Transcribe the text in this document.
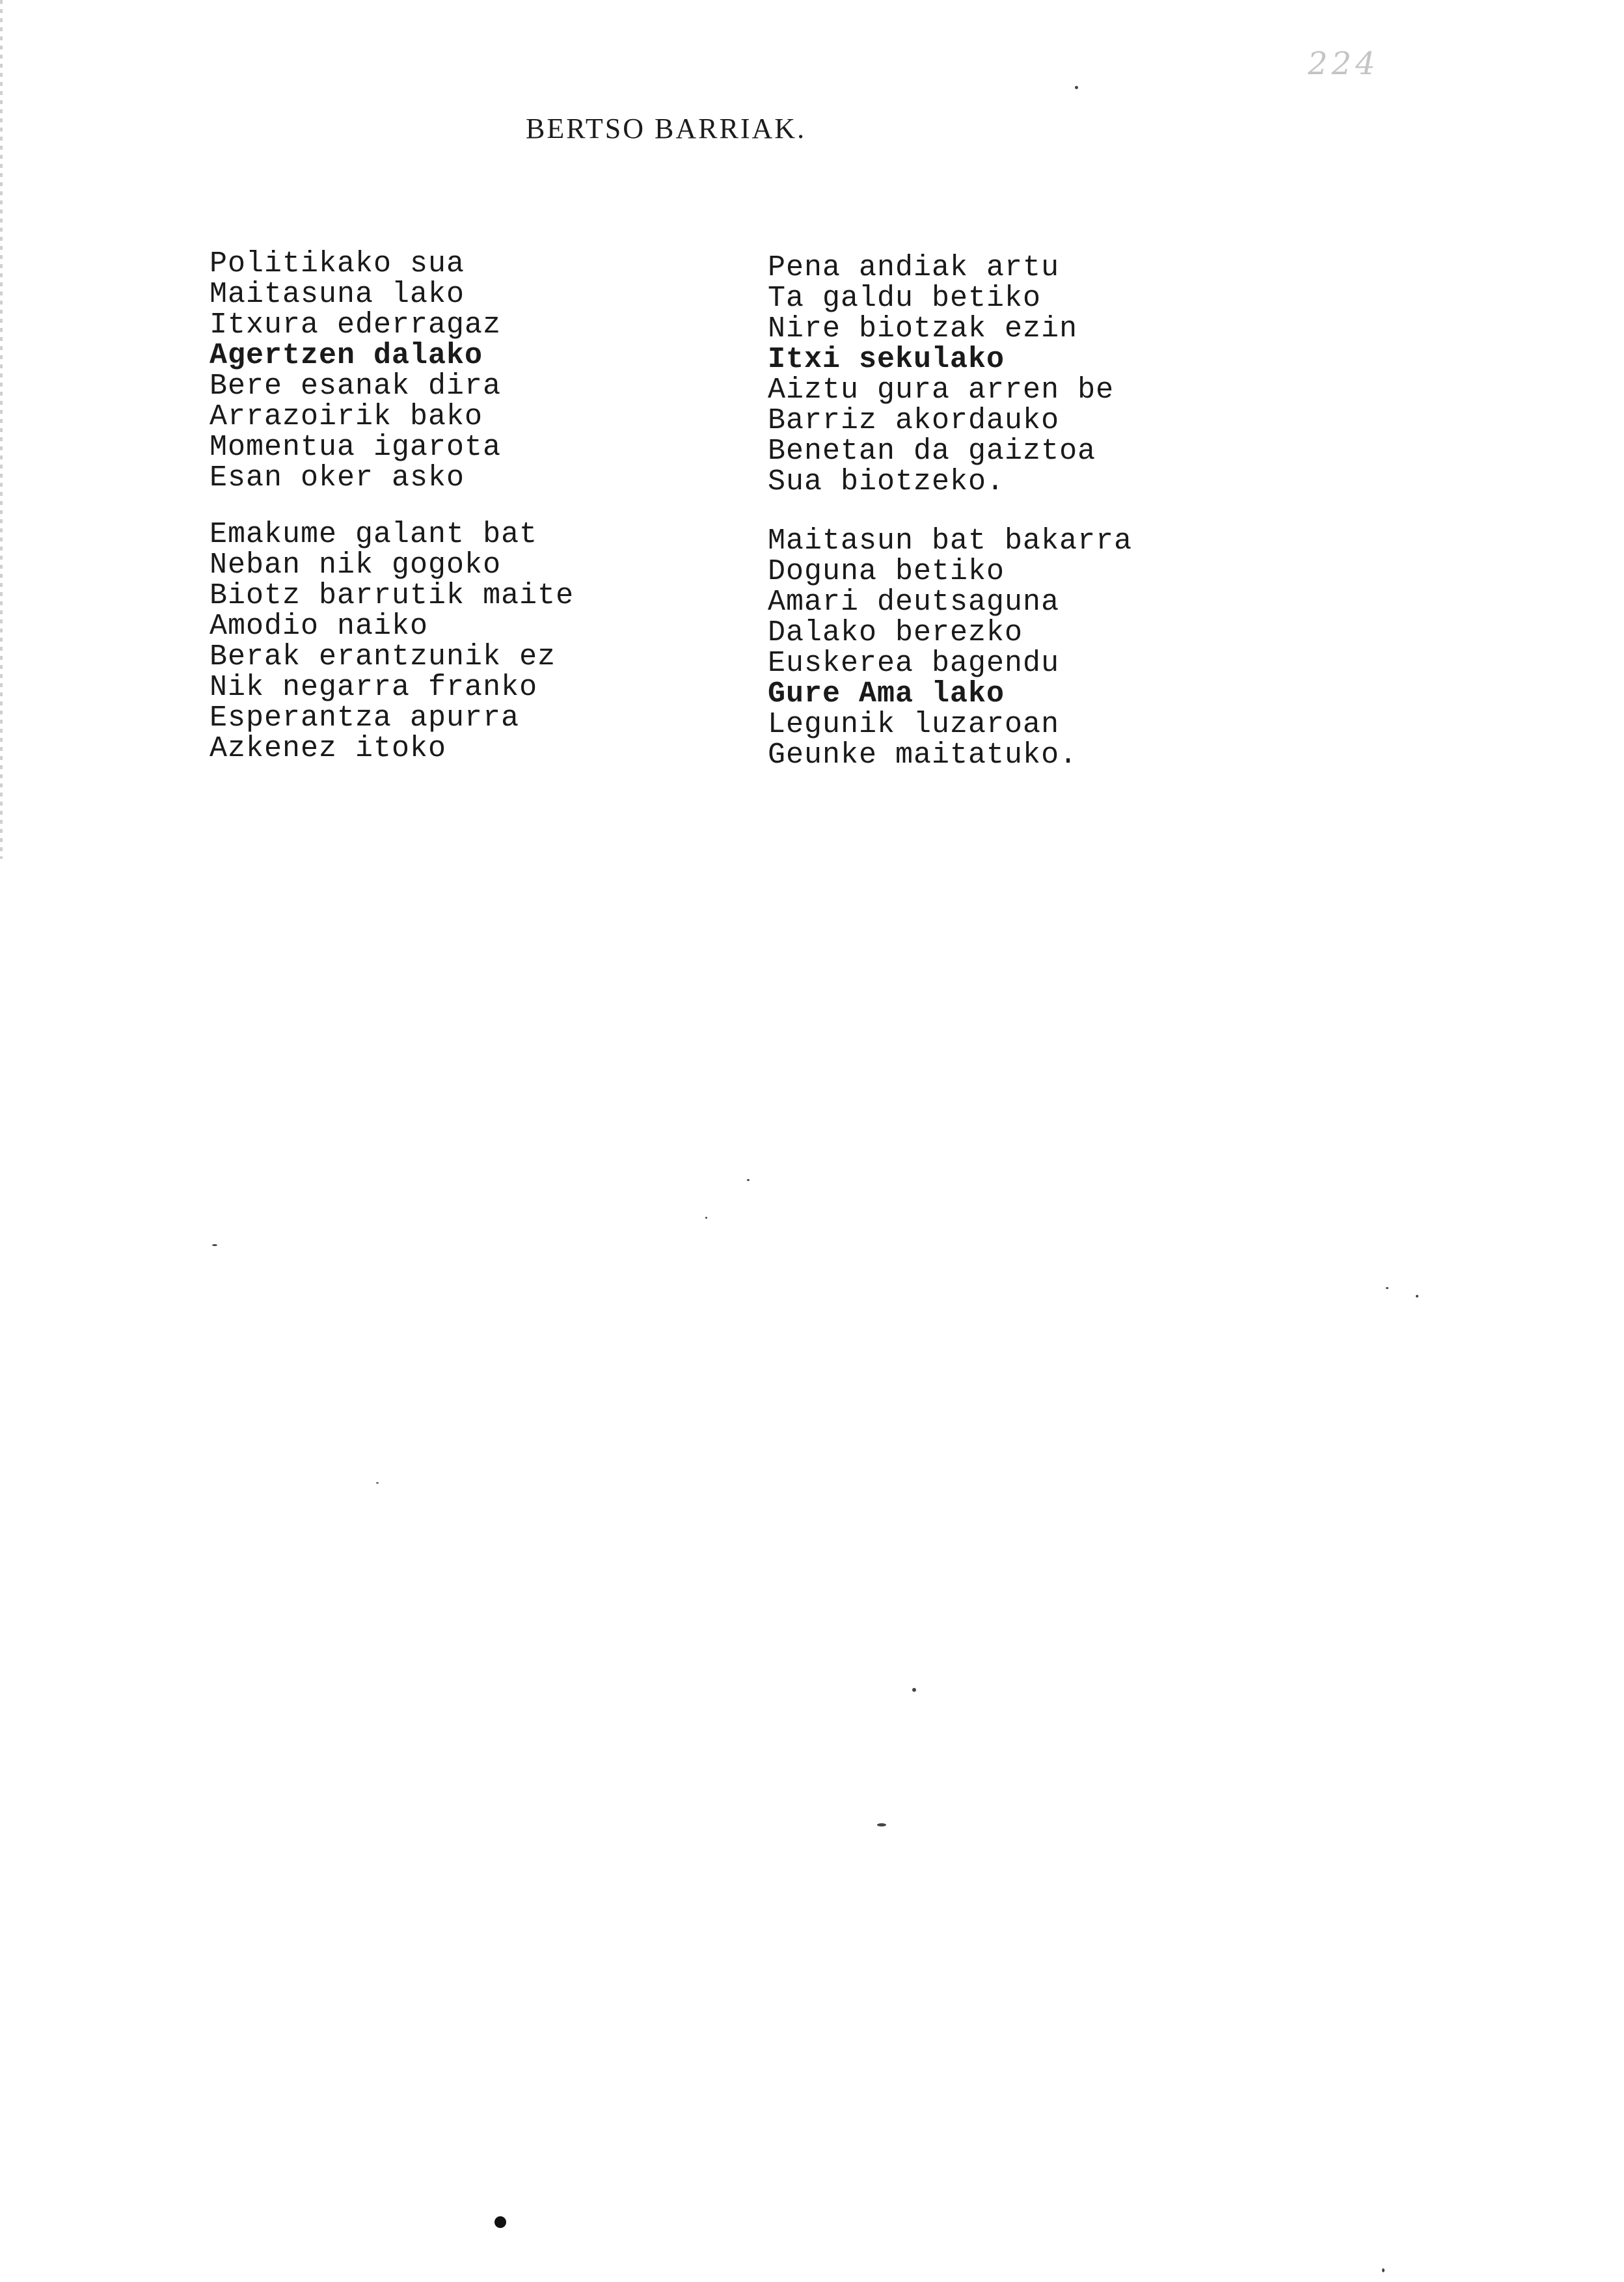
224
BERTSO BARRIAK.
Politikako sua
Maitasuna lako
Itxura ederragaz
Agertzen dalako
Bere esanak dira
Arrazoirik bako
Momentua igarota
Esan oker asko
Emakume galant bat
Neban nik gogoko
Biotz barrutik maite
Amodio naiko
Berak erantzunik ez
Nik negarra franko
Esperantza apurra
Azkenez itoko
Pena andiak artu
Ta galdu betiko
Nire biotzak ezin
Itxi sekulako
Aiztu gura arren be
Barriz akordauko
Benetan da gaiztoa
Sua biotzeko.
Maitasun bat bakarra
Doguna betiko
Amari deutsaguna
Dalako berezko
Euskerea bagendu
Gure Ama lako
Legunik luzaroan
Geunke maitatuko.
